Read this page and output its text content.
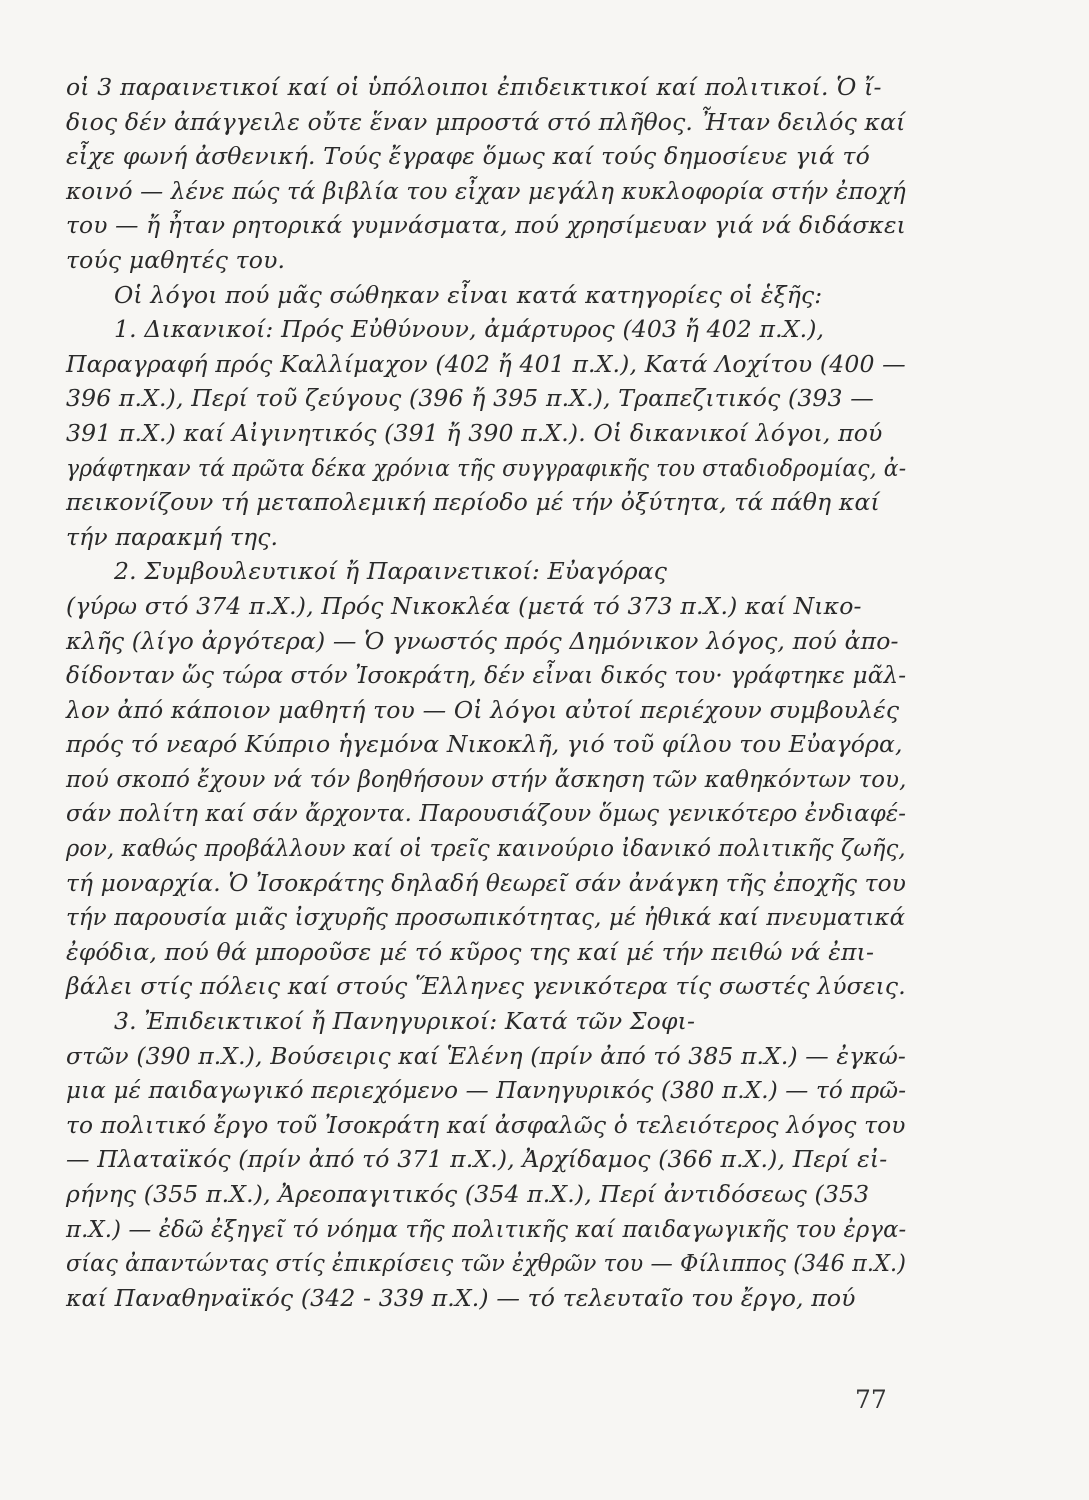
οἱ 3 παραινετικοί καί οἱ ὑπόλοιποι ἐπιδεικτικοί καί πολιτικοί. Ὁ ἴ-
διος δέν ἀπάγγειλε οὔτε ἕναν μπροστά στό πλῆθος. Ἦταν δειλός καί
εἶχε φωνή ἀσθενική. Τούς ἔγραφε ὅμως καί τούς δημοσίευε γιά τό
κοινό — λένε πώς τά βιβλία του εἶχαν μεγάλη κυκλοφορία στήν ἐποχή
του — ἤ ἦταν ρητορικά γυμνάσματα, πού χρησίμευαν γιά νά διδάσκει
τούς μαθητές του.
Οἱ λόγοι πού μᾶς σώθηκαν εἶναι κατά κατηγορίες οἱ ἑξῆς:
1. Δικανικοί: Πρός Εὐθύνουν, ἀμάρτυρος (403 ἤ 402 π.Χ.),
Παραγραφή πρός Καλλίμαχον (402 ἤ 401 π.Χ.), Κατά Λοχίτου (400 —
396 π.Χ.), Περί τοῦ ζεύγους (396 ἤ 395 π.Χ.), Τραπεζιτικός (393 —
391 π.Χ.) καί Αἰγινητικός (391 ἤ 390 π.Χ.). Οἱ δικανικοί λόγοι, πού
γράφτηκαν τά πρῶτα δέκα χρόνια τῆς συγγραφικῆς του σταδιοδρομίας, ἀ-
πεικονίζουν τή μεταπολεμική περίοδο μέ τήν ὀξύτητα, τά πάθη καί
τήν παρακμή της.
2. Συμβουλευτικοί ἤ Παραινετικοί: Εὐαγόρας
(γύρω στό 374 π.Χ.), Πρός Νικοκλέα (μετά τό 373 π.Χ.) καί Νικο-
κλῆς (λίγο ἀργότερα) — Ὁ γνωστός πρός Δημόνικον λόγος, πού ἀπο-
δίδονταν ὥς τώρα στόν Ἰσοκράτη, δέν εἶναι δικός του· γράφτηκε μᾶλ-
λον ἀπό κάποιον μαθητή του — Οἱ λόγοι αὐτοί περιέχουν συμβουλές
πρός τό νεαρό Κύπριο ἡγεμόνα Νικοκλῆ, γιό τοῦ φίλου του Εὐαγόρα,
πού σκοπό ἔχουν νά τόν βοηθήσουν στήν ἄσκηση τῶν καθηκόντων του,
σάν πολίτη καί σάν ἄρχοντα. Παρουσιάζουν ὅμως γενικότερο ἐνδιαφέ-
ρον, καθώς προβάλλουν καί οἱ τρεῖς καινούριο ἰδανικό πολιτικῆς ζωῆς,
τή μοναρχία. Ὁ Ἰσοκράτης δηλαδή θεωρεῖ σάν ἀνάγκη τῆς ἐποχῆς του
τήν παρουσία μιᾶς ἰσχυρῆς προσωπικότητας, μέ ἠθικά καί πνευματικά
ἐφόδια, πού θά μποροῦσε μέ τό κῦρος της καί μέ τήν πειθώ νά ἐπι-
βάλει στίς πόλεις καί στούς Ἕλληνες γενικότερα τίς σωστές λύσεις.
3. Ἐπιδεικτικοί ἤ Πανηγυρικοί: Κατά τῶν Σοφι-
στῶν (390 π.Χ.), Βούσειρις καί Ἑλένη (πρίν ἀπό τό 385 π.Χ.) — ἐγκώ-
μια μέ παιδαγωγικό περιεχόμενο — Πανηγυρικός (380 π.Χ.) — τό πρῶ-
το πολιτικό ἔργο τοῦ Ἰσοκράτη καί ἀσφαλῶς ὁ τελειότερος λόγος του
— Πλαταϊκός (πρίν ἀπό τό 371 π.Χ.), Ἀρχίδαμος (366 π.Χ.), Περί εἰ-
ρήνης (355 π.Χ.), Ἀρεοπαγιτικός (354 π.Χ.), Περί ἀντιδόσεως (353
π.Χ.) — ἐδῶ ἐξηγεῖ τό νόημα τῆς πολιτικῆς καί παιδαγωγικῆς του ἐργα-
σίας ἀπαντώντας στίς ἐπικρίσεις τῶν ἐχθρῶν του — Φίλιππος (346 π.Χ.)
καί Παναθηναϊκός (342 - 339 π.Χ.) — τό τελευταῖο του ἔργο, πού
77
